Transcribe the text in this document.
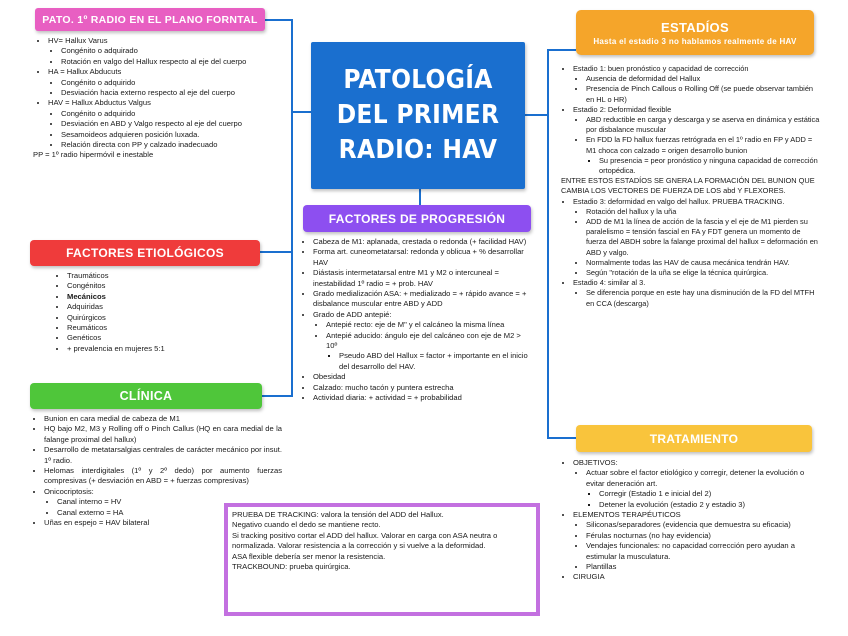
PATOLOGÍA DEL PRIMER RADIO: HAV
PATO. 1º RADIO EN EL PLANO FORNTAL
• HV= Hallux Varus
• Congénito o adquirado
• Rotación en valgo del Hallux respecto al eje del cuerpo
• HA = Hallux Abducuts
• Congénito o adquirido
• Desviación hacia externo respecto al eje del cuerpo
• HAV = Hallux Abductus Valgus
• Congénito o adquirido
• Desviación en ABD y Valgo respecto al eje del cuerpo
• Sesamoideos adquieren posición luxada.
• Relación directa con PP y calzado inadecuado
PP = 1º radio hipermóvil e inestable
FACTORES ETIOLÓGICOS
• Traumáticos
• Congénitos
• Mecánicos
• Adquiridas
• Quirúrgicos
• Reumáticos
• Genéticos
• + prevalencia en mujeres 5:1
CLÍNICA
• Bunion en cara medial de cabeza de M1
• HQ bajo M2, M3 y Rolling off o Pinch Callus (HQ en cara medial de la falange proximal del hallux)
• Desarrollo de metatarsalgias centrales de carácter mecánico por insut. 1º radio.
• Helomas interdigitales (1º y 2º dedo) por aumento fuerzas compresivas (+ desviación en ABD = + fuerzas compresivas)
• Onicocriptosis:
• Canal interno = HV
• Canal externo = HA
• Uñas en espejo = HAV bilateral
FACTORES DE PROGRESIÓN
• Cabeza de M1: aplanada, crestada o redonda (+ facilidad HAV)
• Forma art. cuneometatarsal: redonda y oblicua + % desarrollar HAV
• Diástasis intermetatarsal entre M1 y M2 o intercuneal = inestabilidad 1º radio = + prob. HAV
• Grado medialización ASA: + medializado = + rápido avance = + disbalance muscular entre ABD y ADD
• Grado de ADD antepié:
• Antepié recto: eje de M" y el calcáneo la misma línea
• Antepié aducido: ángulo eje del calcáneo con eje de M2 > 10º
▪ Pseudo ABD del Hallux = factor + importante en el inicio del desarrollo del HAV.
• Obesidad
• Calzado: mucho tacón y puntera estrecha
• Actividad diaria: + actividad = + probabilidad
PRUEBA DE TRACKING: valora la tensión del ADD del Hallux.
Negativo cuando el dedo se mantiene recto.
Si tracking positivo cortar el ADD del hallux. Valorar en carga con ASA neutra o normalizada. Valorar resistencia a la corrección y si vuelve a la deformidad.
ASA flexible debería ser menor la resistencia.
TRACKBOUND: prueba quirúrgica.
ESTADÍOS
Hasta el estadio 3 no hablamos realmente de HAV
• Estadio 1: buen pronóstico y capacidad de corrección
• Ausencia de deformidad del Hallux
• Presencia de Pinch Callous o Rolling Off (se puede observar también en HL o HR)
• Estadio 2: Deformidad flexible
• ABD reductible en carga y descarga y se aserva en dinámica y estática por disbalance muscular
• En FDD la FD hallux fuerzas retrógrada en el 1º radio en FP y ADD = M1 choca con calzado = origen desarrollo bunion
▪ Su presencia = peor pronóstico y ninguna capacidad de corrección ortopédica.
ENTRE ESTOS ESTADÍOS SE GNERA LA FORMACIÓN DEL BUNION QUE CAMBIA LOS VECTORES DE FUERZA DE LOS abd Y FLEXORES.
• Estadio 3: deformidad en valgo del hallux. PRUEBA TRACKING.
• Rotación del hallux y la uña
• ADD de M1 la línea de acción de la fascia y el eje de M1 pierden su paralelismo = tensión fascial en FA y FDT genera un momento de fuerza del ABDH sobre la falange proximal del hallux = deformación en ABD y valgo.
• Normalmente todas las HAV de causa mecánica tendrán HAV.
• Según "rotación de la uña se elige la técnica quirúrgica.
• Estadio 4: similar al 3.
• Se diferencia porque en este hay una disminución de la FD del MTFH en CCA (descarga)
TRATAMIENTO
• OBJETIVOS:
• Actuar sobre el factor etiológico y corregir, detener la evolución o evitar deneración art.
▪ Corregir (Estadio 1 e inicial del 2)
▪ Detener la evolución (estadio 2 y estadio 3)
• ELEMENTOS TERAPÉUTICOS
• Siliconas/separadores (evidencia que demuestra su eficacia)
• Férulas nocturnas (no hay evidencia)
• Vendajes funcionales: no capacidad corrección pero ayudan a estimular la musculatura.
• Plantillas
• CIRUGIA
